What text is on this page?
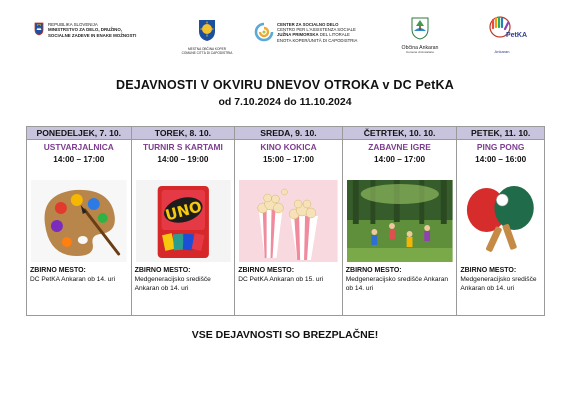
REPUBLIKA SLOVENIJA
MINISTRSTVO ZA DELO, DRUŽINO,
SOCIALNE ZADEVE IN ENAKE MOŽNOSTI
MESTNA OBČINA KOPER
COMUNE CITTÀ DI CAPODISTRIA
CENTER ZA SOCIALNO DELO
CENTRO PER L'ASSISTENZA SOCIALE
JUŽNA PRIMORSKA DEL LITORALE
ENOTA KOPER/UNITÀ DI CAPODISTRIA
Občina Ankaran
Comune di Ancarano
PetKA
Ankaran
DEJAVNOSTI V OKVIRU DNEVOV OTROKA v DC PetKA
od 7.10.2024 do 11.10.2024
PONEDELJEK, 7. 10.
USTVARJALNICA
14:00 – 17:00
ZBIRNO MESTO:
DC PetKA Ankaran ob 14. uri
TOREK, 8. 10.
TURNIR S KARTAMI
14:00 – 19:00
UNO
ZBIRNO MESTO:
Medgeneracijsko središče Ankaran ob 14. uri
SREDA, 9. 10.
KINO KOKICA
15:00 – 17:00
ZBIRNO MESTO:
DC PetKA Ankaran ob 15. uri
ČETRTEK, 10. 10.
ZABAVNE IGRE
14:00 – 17:00
ZBIRNO MESTO:
Medgeneracijsko središče Ankaran ob 14. uri
PETEK, 11. 10.
PING PONG
14:00 – 16:00
ZBIRNO MESTO:
Medgeneracijsko središče Ankaran ob 14. uri
VSE DEJAVNOSTI SO BREZPLAČNE!
